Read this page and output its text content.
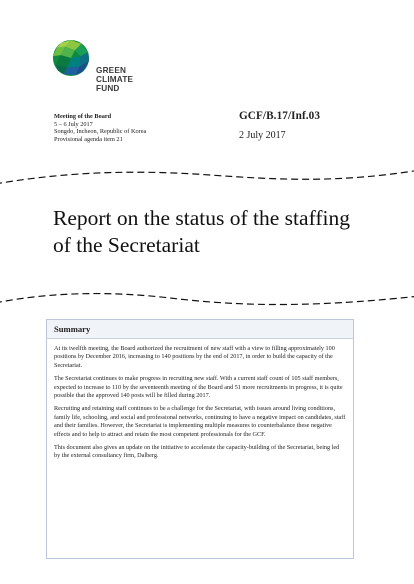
GREEN
CLIMATE
FUND
Meeting of the Board
5 – 6 July 2017
Songdo, Incheon, Republic of Korea
Provisional agenda item 21
GCF/B.17/Inf.03
2 July 2017
Report on the status of the staffing of the Secretariat
Summary

At its twelfth meeting, the Board authorized the recruitment of new staff with a view to filling approximately 100 positions by December 2016, increasing to 140 positions by the end of 2017, in order to build the capacity of the Secretariat.

The Secretariat continues to make progress in recruiting new staff. With a current staff count of 105 staff members, expected to increase to 110 by the seventeenth meeting of the Board and 51 more recruitments in progress, it is quite possible that the approved 140 posts will be filled during 2017.

Recruiting and retaining staff continues to be a challenge for the Secretariat, with issues around living conditions, family life, schooling, and social and professional networks, continuing to have a negative impact on candidates, staff and their families. However, the Secretariat is implementing multiple measures to counterbalance these negative effects and to help to attract and retain the most competent professionals for the GCF.

This document also gives an update on the initiative to accelerate the capacity-building of the Secretariat, being led by the external consultancy firm, Dalberg.
